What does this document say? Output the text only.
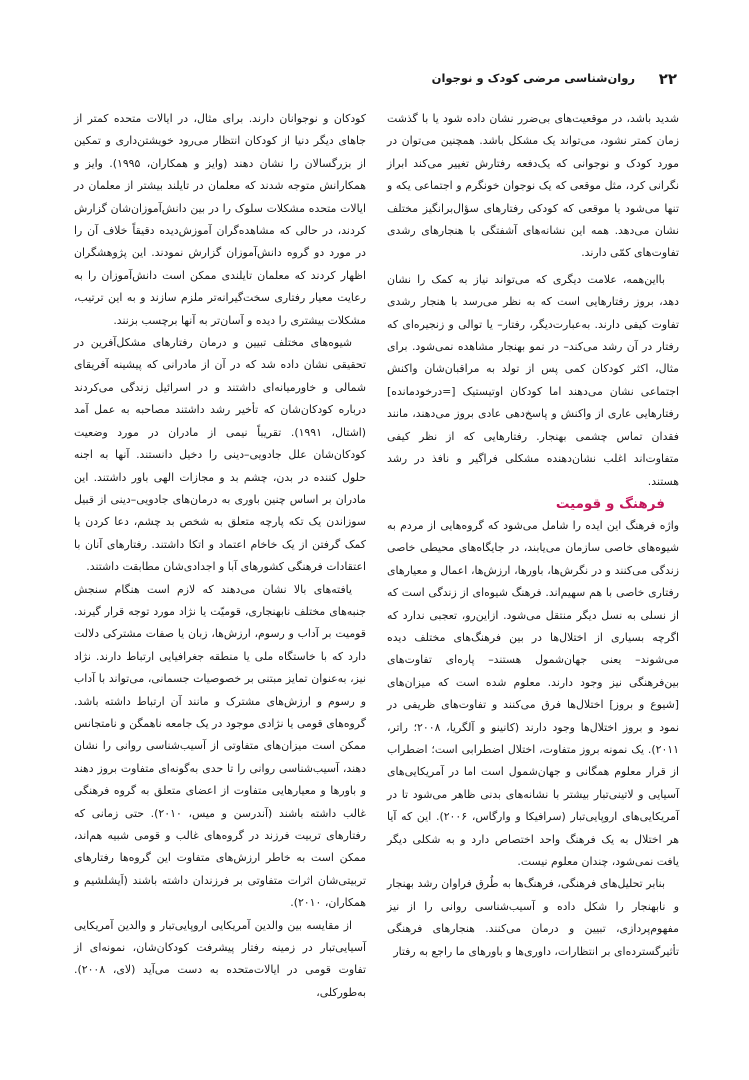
۲۲
روان‌شناسی مرضی کودک و نوجوان

شدید باشد، در موقعیت‌های بی‌ضرر نشان داده شود یا با گذشت زمان کمتر نشود، می‌تواند یک مشکل باشد. همچنین می‌توان در مورد کودک و نوجوانی که یک‌دفعه رفتارش تغییر می‌کند ابراز نگرانی کرد، مثل موقعی که یک نوجوان خونگرم و اجتماعی یکه و تنها می‌شود یا موقعی که کودکی رفتارهای سؤال‌برانگیز مختلف نشان می‌دهد. همه این نشانه‌های آشفتگی با هنجارهای رشدی تفاوت‌های کمّی دارند.

بااین‌همه، علامت دیگری که می‌تواند نیاز به کمک را نشان دهد، بروز رفتارهایی است که به نظر می‌رسد با هنجار رشدی تفاوت کیفی دارند. به‌عبارت‌دیگر، رفتار– یا توالی و زنجیره‌ای که رفتار در آن رشد می‌کند– در نمو بهنجار مشاهده نمی‌شود. برای مثال، اکثر کودکان کمی پس از تولد به مراقبان‌شان واکنش اجتماعی نشان می‌دهند اما کودکان اوتیستیک [=درخودمانده] رفتارهایی عاری از واکنش و پاسخ‌دهی عادی بروز می‌دهند، مانند فقدان تماس چشمی بهنجار. رفتارهایی که از نظر کیفی متفاوت‌اند اغلب نشان‌دهنده مشکلی فراگیر و نافذ در رشد هستند.

فرهنگ و قومیت

واژه فرهنگ این ایده را شامل می‌شود که گروه‌هایی از مردم به شیوه‌های خاصی سازمان می‌یابند، در جایگاه‌های محیطی خاصی زندگی می‌کنند و در نگرش‌ها، باورها، ارزش‌ها، اعمال و معیارهای رفتاری خاصی با هم سهیم‌اند. فرهنگ شیوه‌ای از زندگی است که از نسلی به نسل دیگر منتقل می‌شود. ازاین‌رو، تعجبی ندارد که اگرچه بسیاری از اختلال‌ها در بین فرهنگ‌های مختلف دیده می‌شوند– یعنی جهان‌شمول هستند– پاره‌ای تفاوت‌های بین‌فرهنگی نیز وجود دارند. معلوم شده است که میزان‌های [شیوع و بروز] اختلال‌ها فرق می‌کنند و تفاوت‌های ظریفی در نمود و بروز اختلال‌ها وجود دارند (کانینو و آلگریا، ۲۰۰۸؛ راتر، ۲۰۱۱). یک نمونه بروز متفاوت، اختلال اضطرابی است؛ اضطراب از قرار معلوم همگانی و جهان‌شمول است اما در آمریکایی‌های آسیایی و لاتینی‌تبار بیشتر با نشانه‌های بدنی ظاهر می‌شود تا در آمریکایی‌های اروپایی‌تبار (سرافیکا و وارگاس، ۲۰۰۶). این که آیا هر اختلال به یک فرهنگ واحد اختصاص دارد و به شکلی دیگر یافت نمی‌شود، چندان معلوم نیست.

بنابر تحلیل‌های فرهنگی، فرهنگ‌ها به طُرق فراوان رشد بهنجار و نابهنجار را شکل داده و آسیب‌شناسی روانی را از نیز مفهوم‌پردازی، تبیین و درمان می‌کنند. هنجارهای فرهنگی تأثیرگسترده‌ای بر انتظارات، داوری‌ها و باورهای ما راجع به رفتار

کودکان و نوجوانان دارند. برای مثال، در ایالات متحده کمتر از جاهای دیگر دنیا از کودکان انتظار می‌رود خویشتن‌داری و تمکین از بزرگسالان را نشان دهند (وایز و همکاران، ۱۹۹۵). وایز و همکارانش متوجه شدند که معلمان در تایلند بیشتر از معلمان در ایالات متحده مشکلات سلوک را در بین دانش‌آموزان‌شان گزارش کردند، در حالی که مشاهده‌گران آموزش‌دیده دقیقاً خلاف آن را در مورد دو گروه دانش‌آموزان گزارش نمودند. این پژوهشگران اظهار کردند که معلمان تایلندی ممکن است دانش‌آموزان را به رعایت معیار رفتاری سخت‌گیرانه‌تر ملزم سازند و به این ترتیب، مشکلات بیشتری را دیده و آسان‌تر به آنها برچسب بزنند.

شیوه‌های مختلف تبیین و درمان رفتارهای مشکل‌آفرین در تحقیقی نشان داده شد که در آن از مادرانی که پیشینه آفریقای شمالی و خاورمیانه‌ای داشتند و در اسرائیل زندگی می‌کردند درباره کودکان‌شان که تأخیر رشد داشتند مصاحبه به عمل آمد (اشتال، ۱۹۹۱). تقریباً نیمی از مادران در مورد وضعیت کودکان‌شان علل جادویی–دینی را دخیل دانستند. آنها به اجنه حلول کننده در بدن، چشم بد و مجازات الهی باور داشتند. این مادران بر اساس چنین باوری به درمان‌های جادویی–دینی از قبیل سوزاندن یک تکه پارچه متعلق به شخص بد چشم، دعا کردن یا کمک گرفتن از یک خاخام اعتماد و اتکا داشتند. رفتارهای آنان با اعتقادات فرهنگی کشورهای آبا و اجدادی‌شان مطابقت داشتند.

یافته‌های بالا نشان می‌دهند که لازم است هنگام سنجش جنبه‌های مختلف نابهنجاری، قومیّت یا نژاد مورد توجه قرار گیرند. قومیت بر آداب و رسوم، ارزش‌ها، زبان یا صفات مشترکی دلالت دارد که با خاستگاه ملی یا منطقه جغرافیایی ارتباط دارند. نژاد نیز، به‌عنوان تمایز مبتنی بر خصوصیات جسمانی، می‌تواند با آداب و رسوم و ارزش‌های مشترک و مانند آن ارتباط داشته باشد. گروه‌های قومی یا نژادی موجود در یک جامعه ناهمگن و نامتجانس ممکن است میزان‌های متفاوتی از آسیب‌شناسی روانی را نشان دهند، آسیب‌شناسی روانی را تا حدی به‌گونه‌ای متفاوت بروز دهند و باورها و معیارهایی متفاوت از اعضای متعلق به گروه فرهنگی غالب داشته باشند (آندرسن و میس، ۲۰۱۰). حتی زمانی که رفتارهای تربیت فرزند در گروه‌های غالب و قومی شبیه هم‌اند، ممکن است به خاطر ارزش‌های متفاوت این گروه‌ها رفتارهای تربیتی‌شان اثرات متفاوتی بر فرزندان داشته باشند (اَیشلشیم و همکاران، ۲۰۱۰).

از مقایسه بین والدین آمریکایی اروپایی‌تبار و والدین آمریکایی آسیایی‌تبار در زمینه رفتار پیشرفت کودکان‌شان، نمونه‌ای از تفاوت قومی در ایالات‌متحده به دست می‌آید (لای، ۲۰۰۸). به‌طورکلی،
